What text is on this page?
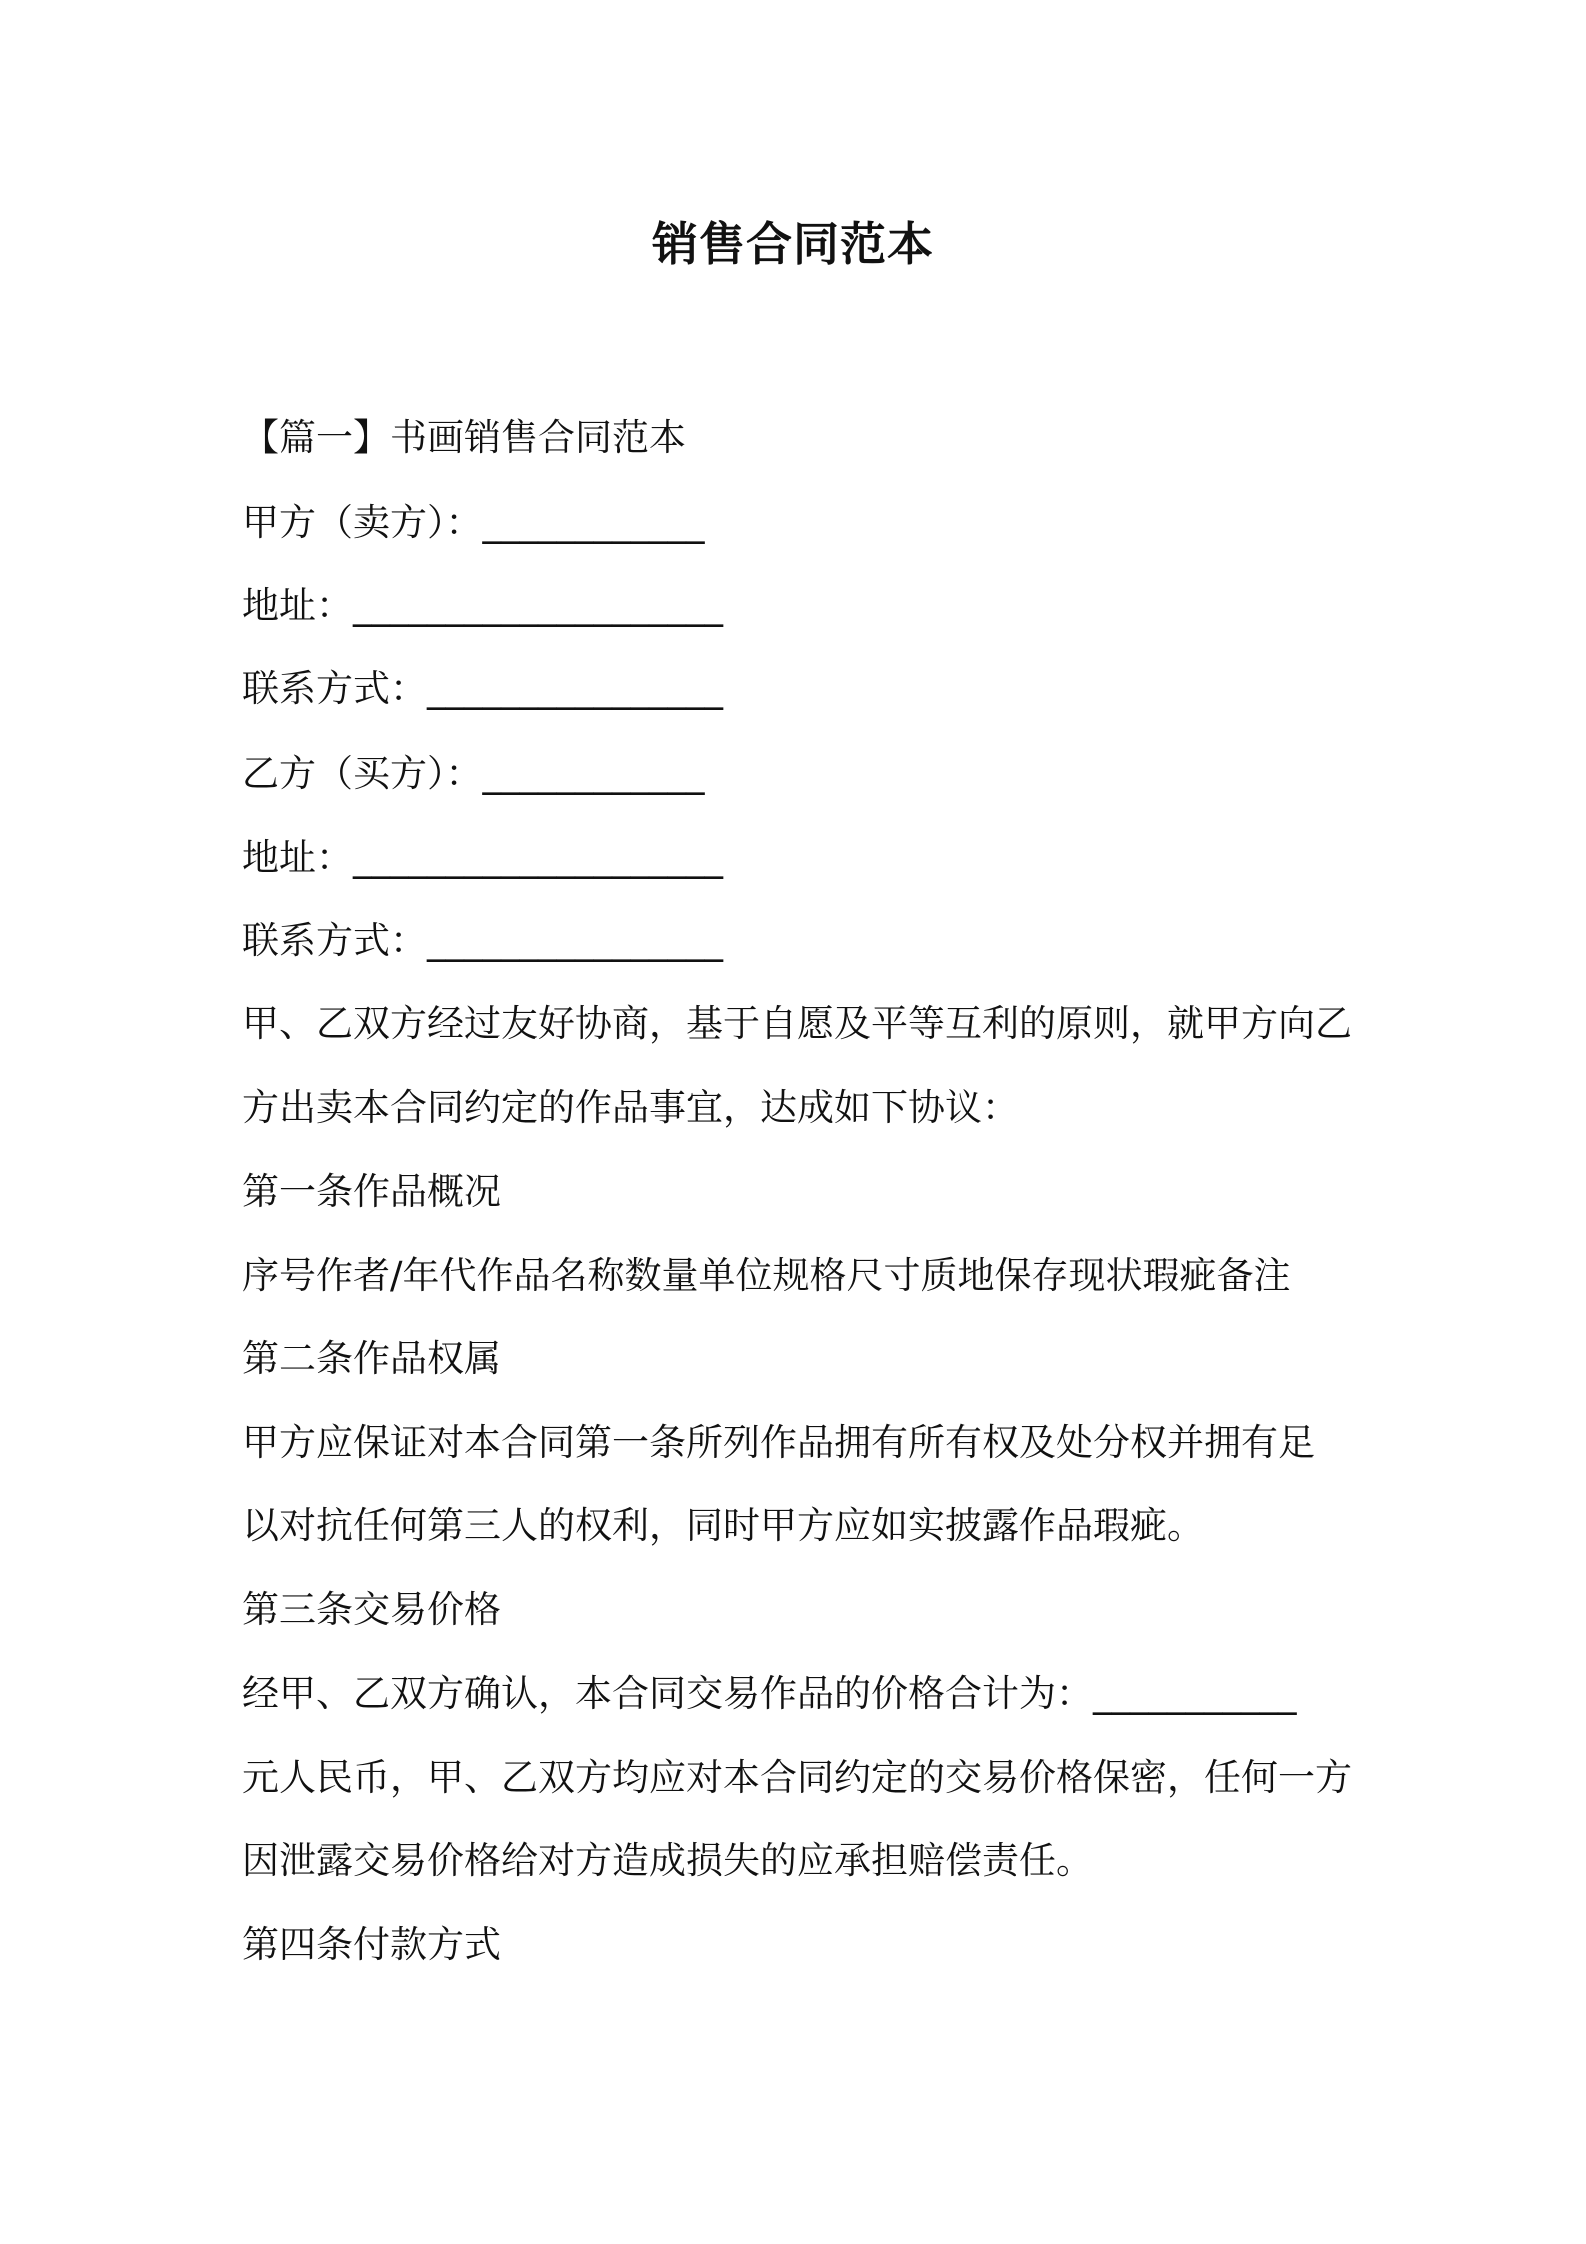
销售合同范本
【篇一】书画销售合同范本
甲方（卖方）：____________
地址：____________________
联系方式：________________
乙方（买方）：____________
地址：____________________
联系方式：________________
甲、乙双方经过友好协商，基于自愿及平等互利的原则，就甲方向乙
方出卖本合同约定的作品事宜，达成如下协议：
第一条作品概况
序号作者/年代作品名称数量单位规格尺寸质地保存现状瑕疵备注
第二条作品权属
甲方应保证对本合同第一条所列作品拥有所有权及处分权并拥有足
以对抗任何第三人的权利，同时甲方应如实披露作品瑕疵。
第三条交易价格
经甲、乙双方确认，本合同交易作品的价格合计为：___________
元人民币，甲、乙双方均应对本合同约定的交易价格保密，任何一方
因泄露交易价格给对方造成损失的应承担赔偿责任。
第四条付款方式
